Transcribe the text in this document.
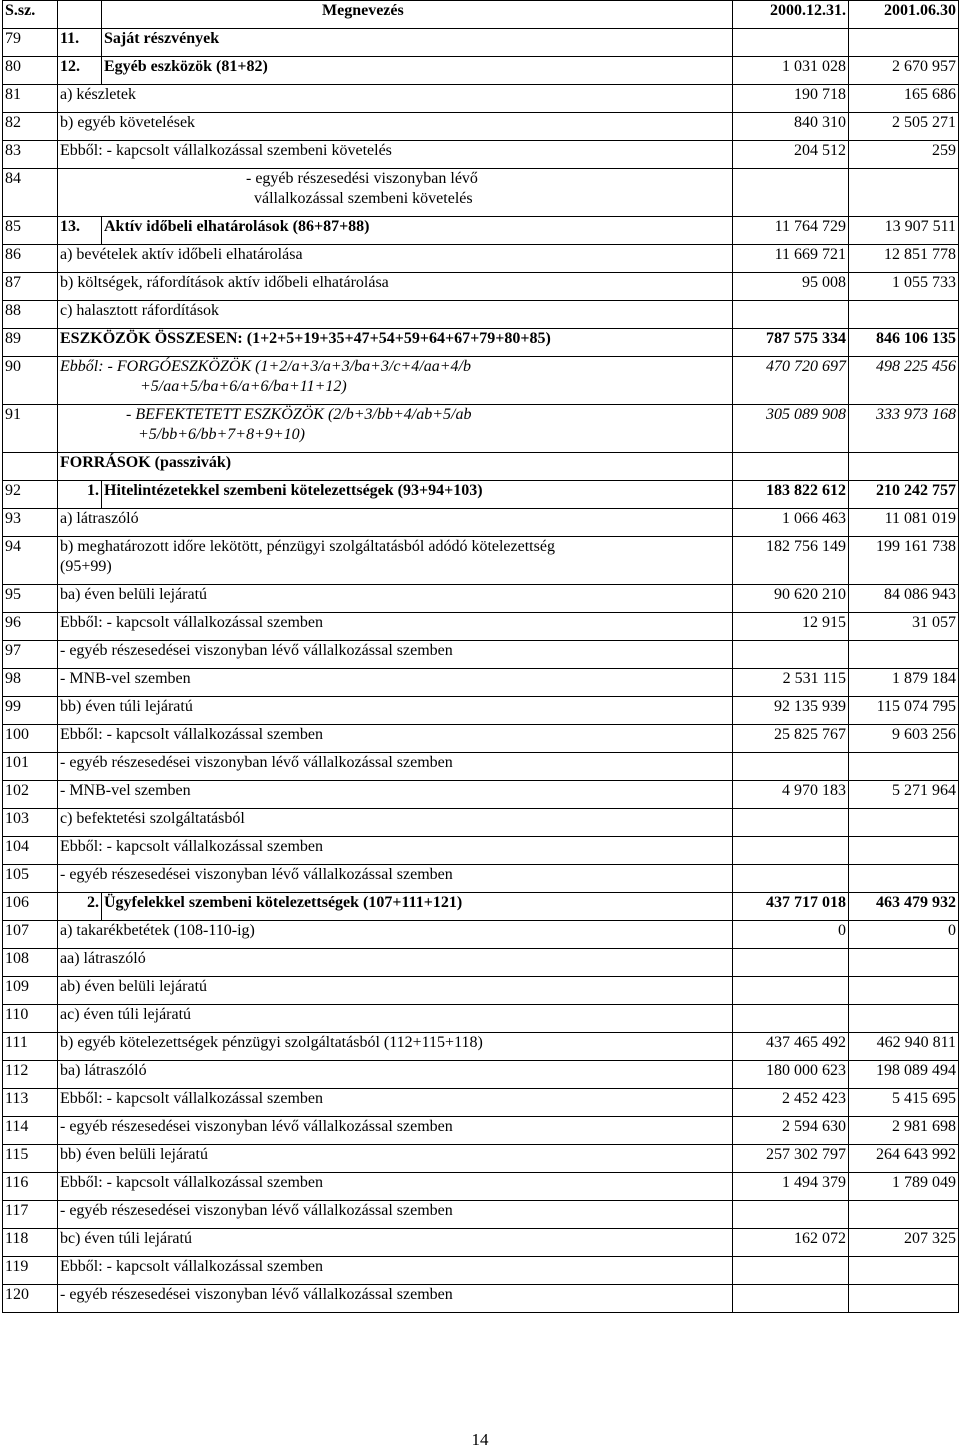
S.sz.		Megnevezés	2000.12.31.	2001.06.30
79	11.	Saját részvények		
80	12.	Egyéb eszközök (81+82)	1 031 028	2 670 957
81	a) készletek		190 718	165 686
82	b) egyéb követelések		840 310	2 505 271
83	Ebből: - kapcsolt vállalkozással szembeni követelés		204 512	259
84	- egyéb részesedési viszonyban lévő
vállalkozással szembeni követelés			

85	13.	Aktív időbeli elhatárolások (86+87+88)	11 764 729	13 907 511
86	a) bevételek aktív időbeli elhatárolása		11 669 721	12 851 778
87	b) költségek, ráfordítások aktív időbeli elhatárolása		95 008	1 055 733
88	c) halasztott ráfordítások			
89	ESZKÖZÖK ÖSSZESEN: (1+2+5+19+35+47+54+59+64+67+79+80+85)		787 575 334	846 106 135
90	Ebből: - FORGÓESZKÖZÖK (1+2/a+3/a+3/ba+3/c+4/aa+4/b
+5/aa+5/ba+6/a+6/ba+11+12)		470 720 697	498 225 456
91	- BEFEKTETETT ESZKÖZÖK (2/b+3/bb+4/ab+5/ab
+5/bb+6/bb+7+8+9+10)		305 089 908	333 973 168
	FORRÁSOK (passzivák)			
92	1.	Hitelintézetekkel szembeni kötelezettségek (93+94+103)	183 822 612	210 242 757
93	a) látraszóló		1 066 463	11 081 019
94	b) meghatározott időre lekötött, pénzügyi szolgáltatásból adódó kötelezettség
(95+99)		182 756 149	199 161 738
95	ba) éven belüli lejáratú		90 620 210	84 086 943
96	Ebből: - kapcsolt vállalkozással szemben		12 915	31 057
97	- egyéb részesedései viszonyban lévő vállalkozással szemben			
98	- MNB-vel szemben		2 531 115	1 879 184
99	bb) éven túli lejáratú		92 135 939	115 074 795
100	Ebből: - kapcsolt vállalkozással szemben		25 825 767	9 603 256
101	- egyéb részesedései viszonyban lévő vállalkozással szemben			
102	- MNB-vel szemben		4 970 183	5 271 964
103	c) befektetési szolgáltatásból			
104	Ebből: - kapcsolt vállalkozással szemben			
105	- egyéb részesedései viszonyban lévő vállalkozással szemben			
106	2.	Ügyfelekkel szembeni kötelezettségek (107+111+121)	437 717 018	463 479 932
107	a) takarékbetétek (108-110-ig)		0	0
108	aa) látraszóló			
109	ab) éven belüli lejáratú			
110	ac) éven túli lejáratú			
111	b) egyéb kötelezettségek pénzügyi szolgáltatásból (112+115+118)		437 465 492	462 940 811
112	ba) látraszóló		180 000 623	198 089 494
113	Ebből: - kapcsolt vállalkozással szemben		2 452 423	5 415 695
114	- egyéb részesedései viszonyban lévő vállalkozással szemben		2 594 630	2 981 698
115	bb) éven belüli lejáratú		257 302 797	264 643 992
116	Ebből: - kapcsolt vállalkozással szemben		1 494 379	1 789 049
117	- egyéb részesedései viszonyban lévő vállalkozással szemben			
118	bc) éven túli lejáratú		162 072	207 325
119	Ebből: - kapcsolt vállalkozással szemben			
120	- egyéb részesedései viszonyban lévő vállalkozással szemben			
14
